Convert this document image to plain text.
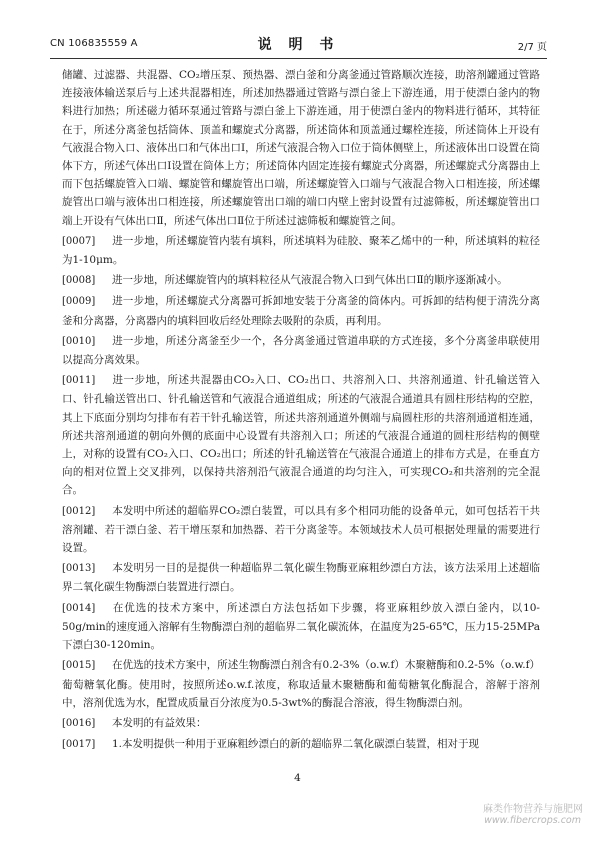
CN 106835559 A	说 明 书	2/7 页

储罐、过滤器、共混器、CO₂增压泵、预热器、漂白釜和分离釜通过管路顺次连接，助溶剂罐通过管路连接液体输送泵后与上述共混器相连，所述加热器通过管路与漂白釜上下游连通，用于使漂白釜内的物料进行加热；所述磁力循环泵通过管路与漂白釜上下游连通，用于使漂白釜内的物料进行循环，其特征在于，所述分离釜包括筒体、顶盖和螺旋式分离器，所述筒体和顶盖通过螺栓连接，所述筒体上开设有气液混合物入口、液体出口和气体出口Ⅰ，所述气液混合物入口位于筒体侧壁上，所述液体出口设置在筒体下方，所述气体出口Ⅰ设置在筒体上方；所述筒体内固定连接有螺旋式分离器，所述螺旋式分离器由上而下包括螺旋管入口端、螺旋管和螺旋管出口端，所述螺旋管入口端与气液混合物入口相连接，所述螺旋管出口端与液体出口相连接，所述螺旋管出口端的端口内壁上密封设置有过滤筛板，所述螺旋管出口端上开设有气体出口Ⅱ，所述气体出口Ⅱ位于所述过滤筛板和螺旋管之间。

[0007] 进一步地，所述螺旋管内装有填料，所述填料为硅胶、聚苯乙烯中的一种，所述填料的粒径为1-10μm。

[0008] 进一步地，所述螺旋管内的填料粒径从气液混合物入口到气体出口Ⅱ的顺序逐渐减小。

[0009] 进一步地，所述螺旋式分离器可拆卸地安装于分离釜的筒体内。可拆卸的结构便于清洗分离釜和分离器，分离器内的填料回收后经处理除去吸附的杂质，再利用。

[0010] 进一步地，所述分离釜至少一个，各分离釜通过管道串联的方式连接，多个分离釜串联使用以提高分离效果。

[0011] 进一步地，所述共混器由CO₂入口、CO₂出口、共溶剂入口、共溶剂通道、针孔输送管入口、针孔输送管出口、针孔输送管和气液混合通道组成；所述的气液混合通道具有圆柱形结构的空腔，其上下底面分别均匀排布有若干针孔输送管，所述共溶剂通道外侧端与扁圆柱形的共溶剂通道相连通，所述共溶剂通道的朝向外侧的底面中心设置有共溶剂入口；所述的气液混合通道的圆柱形结构的侧壁上，对称的设置有CO₂入口、CO₂出口；所述的针孔输送管在气液混合通道上的排布方式是，在垂直方向的相对位置上交叉排列，以保持共溶剂沿气液混合通道的均匀注入，可实现CO₂和共溶剂的完全混合。

[0012] 本发明中所述的超临界CO₂漂白装置，可以具有多个相同功能的设备单元，如可包括若干共溶剂罐、若干漂白釜、若干增压泵和加热器、若干分离釜等。本领域技术人员可根据处理量的需要进行设置。

[0013] 本发明另一目的是提供一种超临界二氧化碳生物酶亚麻粗纱漂白方法，该方法采用上述超临界二氧化碳生物酶漂白装置进行漂白。

[0014] 在优选的技术方案中，所述漂白方法包括如下步骤，将亚麻粗纱放入漂白釜内，以10-50g/min的速度通入溶解有生物酶漂白剂的超临界二氧化碳流体，在温度为25-65℃，压力15-25MPa下漂白30-120min。

[0015] 在优选的技术方案中，所述生物酶漂白剂含有0.2-3%（o.w.f）木聚糖酶和0.2-5%（o.w.f）葡萄糖氧化酶。使用时，按照所述o.w.f.浓度，称取适量木聚糖酶和葡萄糖氧化酶混合，溶解于溶剂中，溶剂优选为水，配置成质量百分浓度为0.5-3wt%的酶混合溶液，得生物酶漂白剂。

[0016] 本发明的有益效果：

[0017] 1.本发明提供一种用于亚麻粗纱漂白的新的超临界二氧化碳漂白装置，相对于现

4
麻类作物营养与施肥网
www.fibercrops.com
